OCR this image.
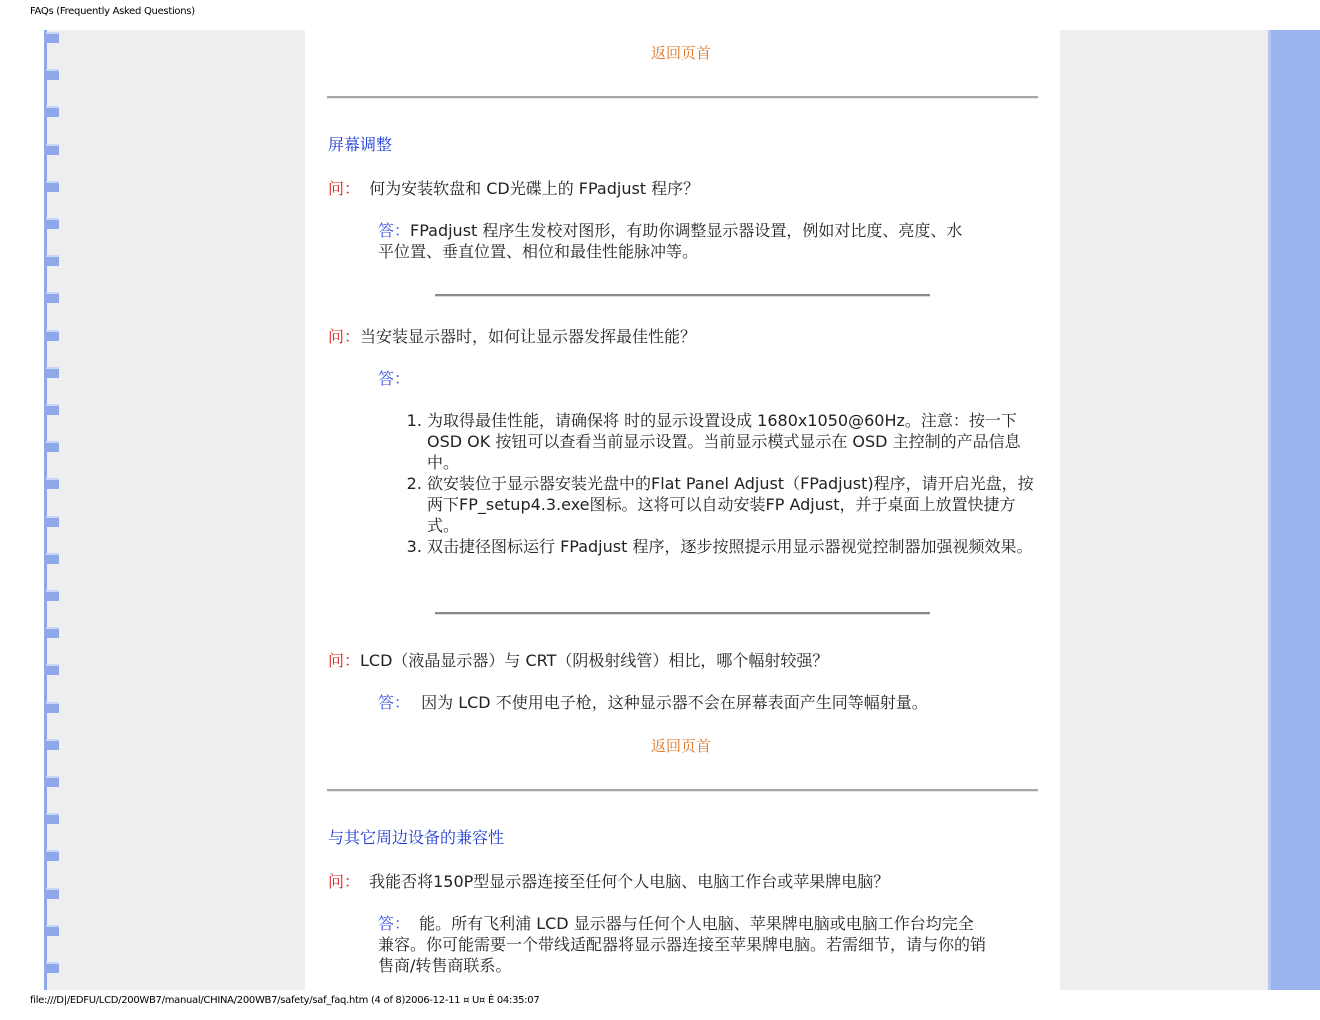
FAQs (Frequently Asked Questions)
返回页首
屏幕调整
问： 何为安装软盘和 CD光碟上的 FPadjust 程序？
答：FPadjust 程序生发校对图形，有助你调整显示器设置，例如对比度、亮度、水平位置、垂直位置、相位和最佳性能脉冲等。
问：当安装显示器时，如何让显示器发挥最佳性能？
答：
1. 为取得最佳性能，请确保将 时的显示设置设成 1680x1050@60Hz。注意：按一下 OSD OK 按钮可以查看当前显示设置。当前显示模式显示在 OSD 主控制的产品信息中。
2. 欲安装位于显示器安装光盘中的Flat Panel Adjust（FPadjust)程序，请开启光盘，按两下FP_setup4.3.exe图标。这将可以自动安装FP Adjust，并于桌面上放置快捷方式。
3. 双击捷径图标运行 FPadjust 程序，逐步按照提示用显示器视觉控制器加强视频效果。
问：LCD（液晶显示器）与 CRT（阴极射线管）相比，哪个幅射较强？
答： 因为 LCD 不使用电子枪，这种显示器不会在屏幕表面产生同等幅射量。
返回页首
与其它周边设备的兼容性
问： 我能否将150P型显示器连接至任何个人电脑、电脑工作台或苹果牌电脑？
答： 能。所有飞利浦 LCD 显示器与任何个人电脑、苹果牌电脑或电脑工作台均完全兼容。你可能需要一个带线适配器将显示器连接至苹果牌电脑。若需细节，请与你的销售商/转售商联系。
file:///D|/EDFU/LCD/200WB7/manual/CHINA/200WB7/safety/saf_faq.htm (4 of 8)2006-12-11 ¤ U¤ È 04:35:07
